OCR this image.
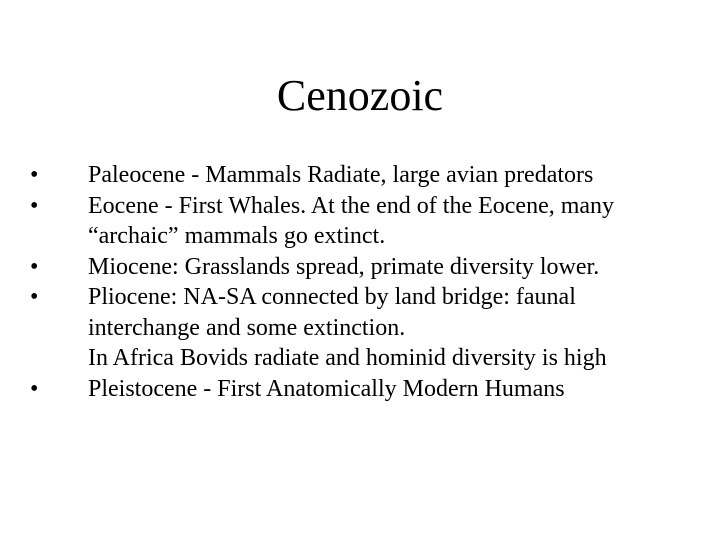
Cenozoic
•	Paleocene - Mammals Radiate, large avian predators
•	Eocene - First Whales. At the end of the Eocene, many “archaic” mammals go extinct.
•	Miocene: Grasslands spread, primate diversity lower.
•	Pliocene: NA-SA connected by land bridge: faunal interchange and some extinction.
In Africa Bovids radiate and hominid diversity is high
•	Pleistocene - First Anatomically Modern Humans
